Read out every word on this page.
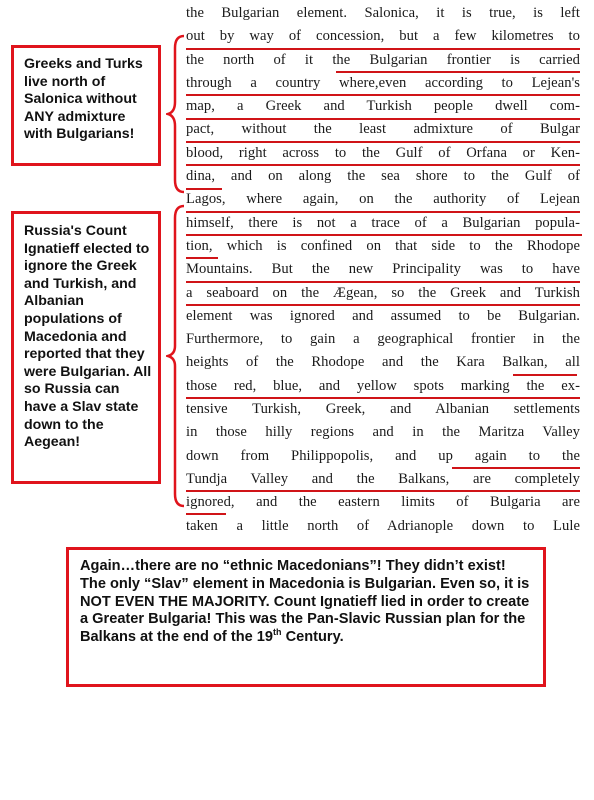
Greeks and Turks live north of Salonica without ANY admixture with Bulgarians!

Russia's Count Ignatieff elected to ignore the Greek and Turkish, and Albanian populations of Macedonia and reported that they were Bulgarian. All so Russia can have a Slav state down to the Aegean!

the Bulgarian element. Salonica, it is true, is left
out by way of concession, but a few kilometres to
the north of it the Bulgarian frontier is carried
through a country where,even according to Lejean's
map, a Greek and Turkish people dwell com-
pact, without the least admixture of Bulgar
blood, right across to the Gulf of Orfana or Ken-
dina, and on along the sea shore to the Gulf of
Lagos, where again, on the authority of Lejean
himself, there is not a trace of a Bulgarian popula-
tion, which is confined on that side to the Rhodope
Mountains. But the new Principality was to have
a seaboard on the Ægean, so the Greek and Turkish
element was ignored and assumed to be Bulgarian.
Furthermore, to gain a geographical frontier in the
heights of the Rhodope and the Kara Balkan, all
those red, blue, and yellow spots marking the ex-
tensive Turkish, Greek, and Albanian settlements
in those hilly regions and in the Maritza Valley
down from Philippopolis, and up again to the
Tundja Valley and the Balkans, are completely
ignored, and the eastern limits of Bulgaria are
taken a little north of Adrianople down to Lule

Again…there are no “ethnic Macedonians”! They didn’t exist! The only “Slav” element in Macedonia is Bulgarian. Even so, it is NOT EVEN THE MAJORITY. Count Ignatieff lied in order to create a Greater Bulgaria! This was the Pan-Slavic Russian plan for the Balkans at the end of the 19th Century.
